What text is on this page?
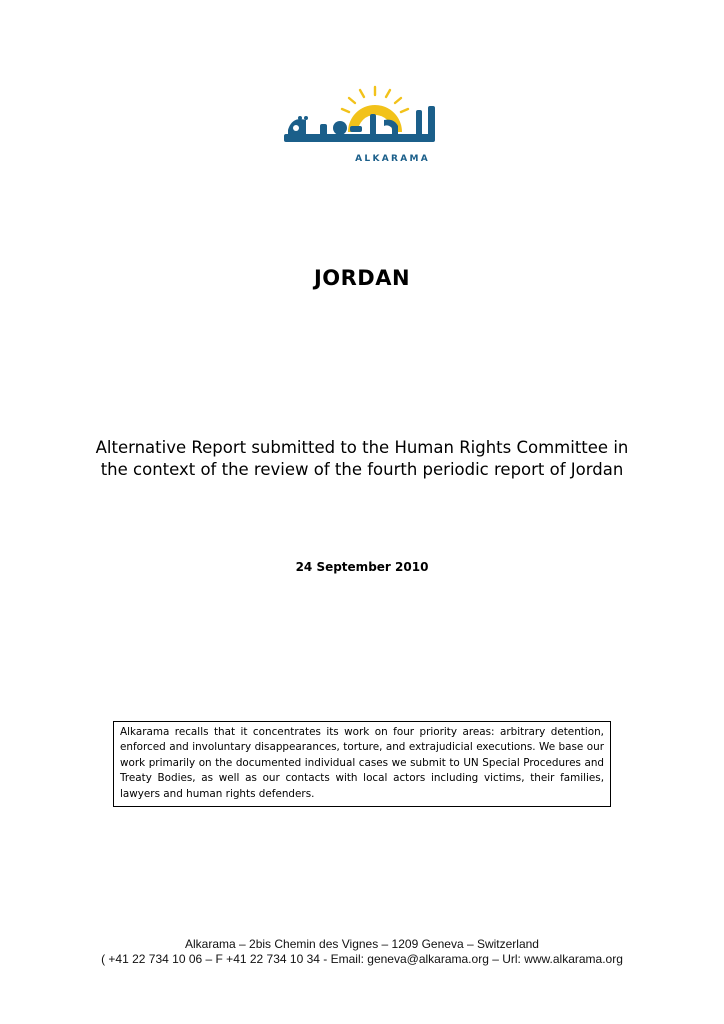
ALKARAMA
JORDAN
Alternative Report submitted to the Human Rights Committee in
the context of the review of the fourth periodic report of Jordan
24 September 2010
Alkarama recalls that it concentrates its work on four priority areas: arbitrary detention, enforced and involuntary disappearances, torture, and extrajudicial executions. We base our work primarily on the documented individual cases we submit to UN Special Procedures and Treaty Bodies, as well as our contacts with local actors including victims, their families, lawyers and human rights defenders.
Alkarama – 2bis Chemin des Vignes – 1209 Geneva – Switzerland
( +41 22 734 10 06 – F +41 22 734 10 34 - Email: geneva@alkarama.org – Url: www.alkarama.org
